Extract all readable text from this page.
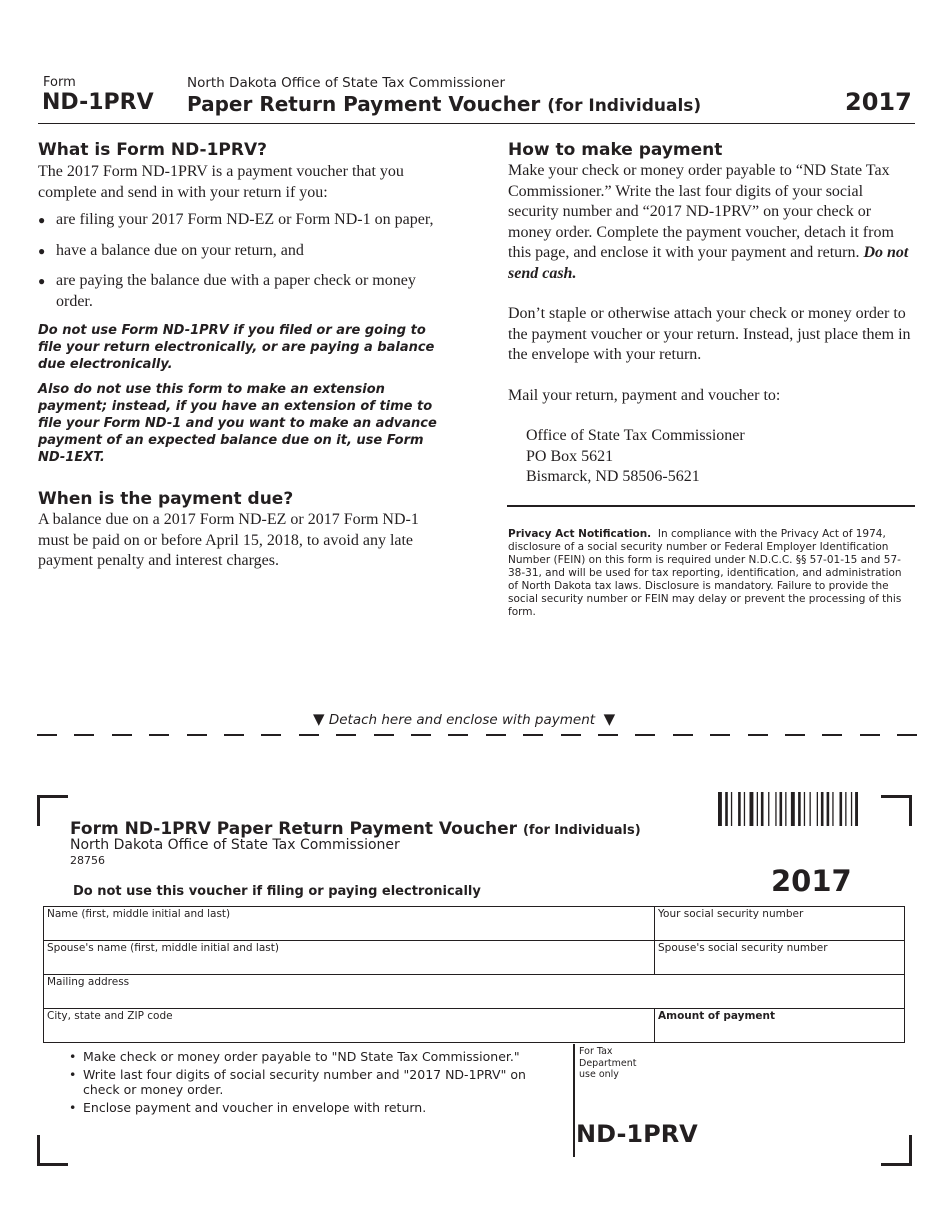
Form
ND-1PRV
North Dakota Office of State Tax Commissioner
Paper Return Payment Voucher (for Individuals)	2017
What is Form ND-1PRV?
The 2017 Form ND-1PRV is a payment voucher that you complete and send in with your return if you:
● are filing your 2017 Form ND-EZ or Form ND-1 on paper,
● have a balance due on your return, and
● are paying the balance due with a paper check or money order.
Do not use Form ND-1PRV if you filed or are going to file your return electronically, or are paying a balance due electronically.
Also do not use this form to make an extension payment; instead, if you have an extension of time to file your Form ND-1 and you want to make an advance payment of an expected balance due on it, use Form ND-1EXT.
When is the payment due?
A balance due on a 2017 Form ND-EZ or 2017 Form ND-1 must be paid on or before April 15, 2018, to avoid any late payment penalty and interest charges.
How to make payment
Make your check or money order payable to “ND State Tax Commissioner.” Write the last four digits of your social security number and “2017 ND-1PRV” on your check or money order. Complete the payment voucher, detach it from this page, and enclose it with your payment and return. Do not send cash.
Don’t staple or otherwise attach your check or money order to the payment voucher or your return. Instead, just place them in the envelope with your return.
Mail your return, payment and voucher to:
Office of State Tax Commissioner
PO Box 5621
Bismarck, ND 58506-5621
Privacy Act Notification. In compliance with the Privacy Act of 1974, disclosure of a social security number or Federal Employer Identification Number (FEIN) on this form is required under N.D.C.C. §§ 57-01-15 and 57-38-31, and will be used for tax reporting, identification, and administration of North Dakota tax laws. Disclosure is mandatory. Failure to provide the social security number or FEIN may delay or prevent the processing of this form.
▼ Detach here and enclose with payment ▼
Form ND-1PRV Paper Return Payment Voucher (for Individuals)
North Dakota Office of State Tax Commissioner
28756
Do not use this voucher if filing or paying electronically	2017
Name (first, middle initial and last)	Your social security number
Spouse's name (first, middle initial and last)	Spouse's social security number
Mailing address	
City, state and ZIP code	Amount of payment
• Make check or money order payable to "ND State Tax Commissioner."
• Write last four digits of social security number and "2017 ND-1PRV" on check or money order.
• Enclose payment and voucher in envelope with return.
For Tax Department use only
ND-1PRV
